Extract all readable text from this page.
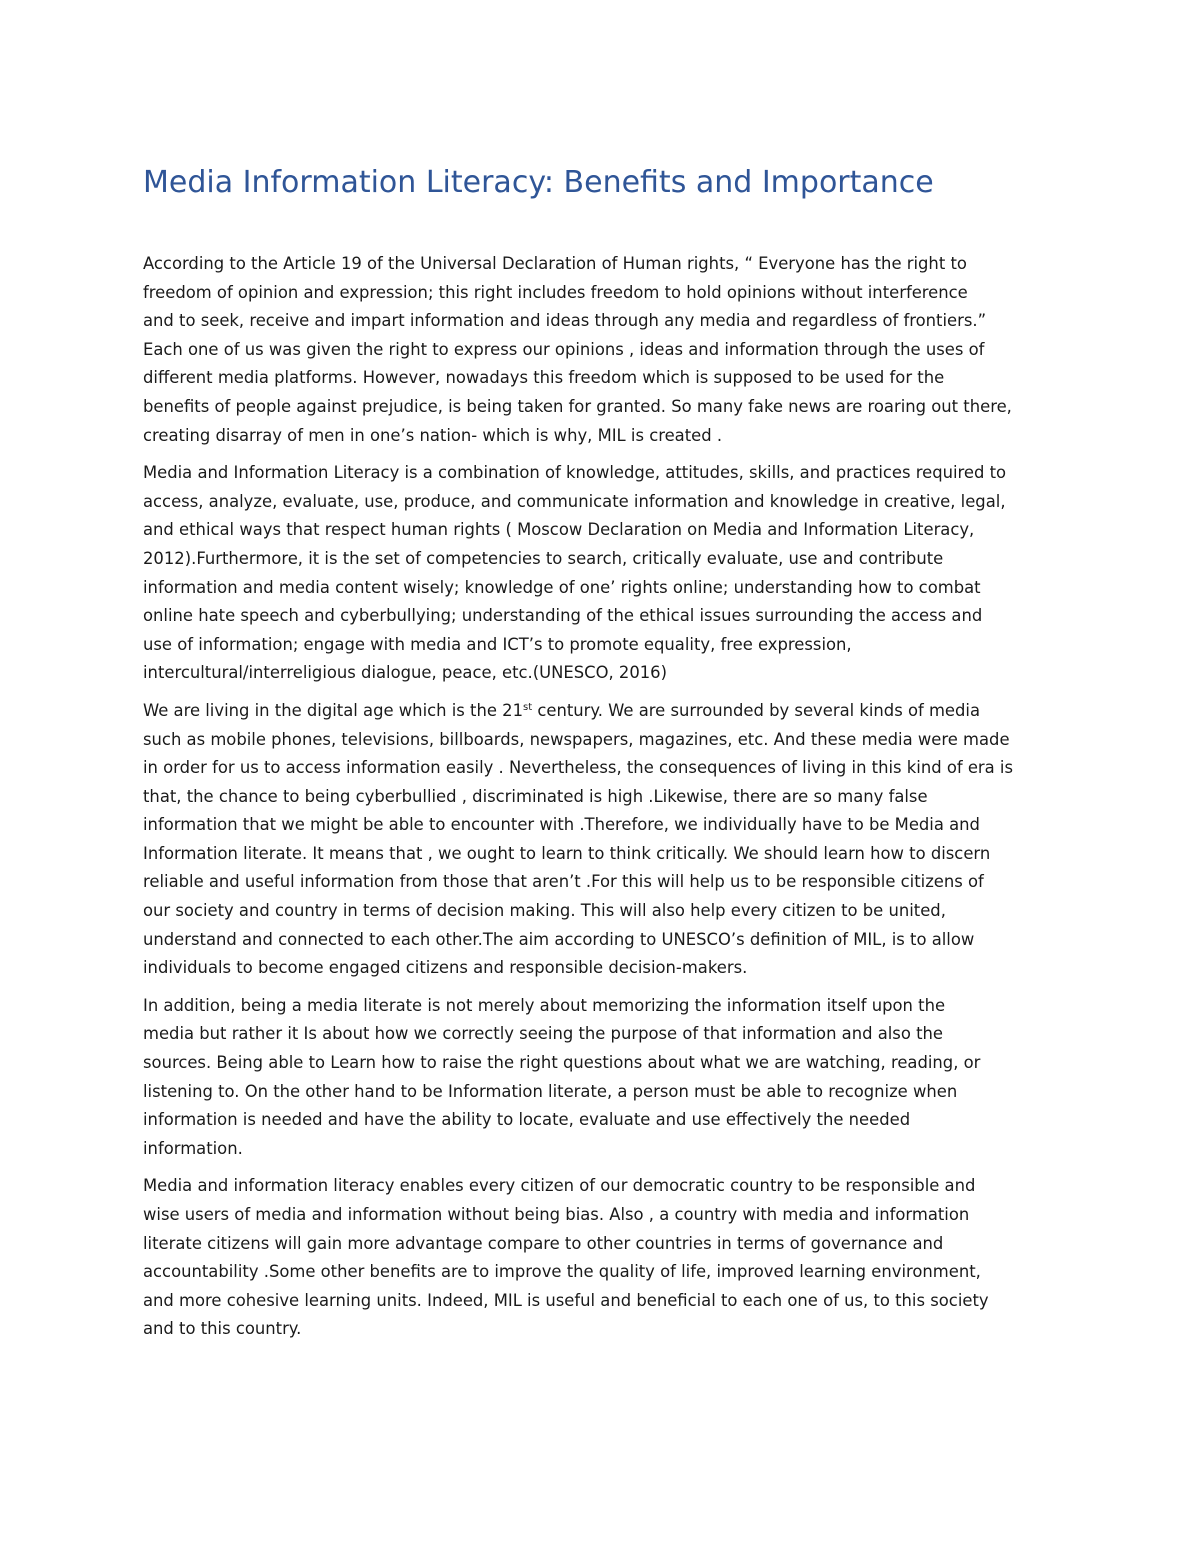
Media Information Literacy: Benefits and Importance

According to the Article 19 of the Universal Declaration of Human rights, “ Everyone has the right to
freedom of opinion and expression; this right includes freedom to hold opinions without interference
and to seek, receive and impart information and ideas through any media and regardless of frontiers.”
Each one of us was given the right to express our opinions , ideas and information through the uses of
different media platforms. However, nowadays this freedom which is supposed to be used for the
benefits of people against prejudice, is being taken for granted. So many fake news are roaring out there,
creating disarray of men in one’s nation- which is why, MIL is created .

Media and Information Literacy is a combination of knowledge, attitudes, skills, and practices required to
access, analyze, evaluate, use, produce, and communicate information and knowledge in creative, legal,
and ethical ways that respect human rights ( Moscow Declaration on Media and Information Literacy,
2012).Furthermore, it is the set of competencies to search, critically evaluate, use and contribute
information and media content wisely; knowledge of one’ rights online; understanding how to combat
online hate speech and cyberbullying; understanding of the ethical issues surrounding the access and
use of information; engage with media and ICT’s to promote equality, free expression,
intercultural/interreligious dialogue, peace, etc.(UNESCO, 2016)

We are living in the digital age which is the 21st century. We are surrounded by several kinds of media
such as mobile phones, televisions, billboards, newspapers, magazines, etc. And these media were made
in order for us to access information easily . Nevertheless, the consequences of living in this kind of era is
that, the chance to being cyberbullied , discriminated is high .Likewise, there are so many false
information that we might be able to encounter with .Therefore, we individually have to be Media and
Information literate. It means that , we ought to learn to think critically. We should learn how to discern
reliable and useful information from those that aren’t .For this will help us to be responsible citizens of
our society and country in terms of decision making. This will also help every citizen to be united,
understand and connected to each other.The aim according to UNESCO’s definition of MIL, is to allow
individuals to become engaged citizens and responsible decision-makers.

In addition, being a media literate is not merely about memorizing the information itself upon the
media but rather it Is about how we correctly seeing the purpose of that information and also the
sources. Being able to Learn how to raise the right questions about what we are watching, reading, or
listening to. On the other hand to be Information literate, a person must be able to recognize when
information is needed and have the ability to locate, evaluate and use effectively the needed
information.

Media and information literacy enables every citizen of our democratic country to be responsible and
wise users of media and information without being bias. Also , a country with media and information
literate citizens will gain more advantage compare to other countries in terms of governance and
accountability .Some other benefits are to improve the quality of life, improved learning environment,
and more cohesive learning units. Indeed, MIL is useful and beneficial to each one of us, to this society
and to this country.
